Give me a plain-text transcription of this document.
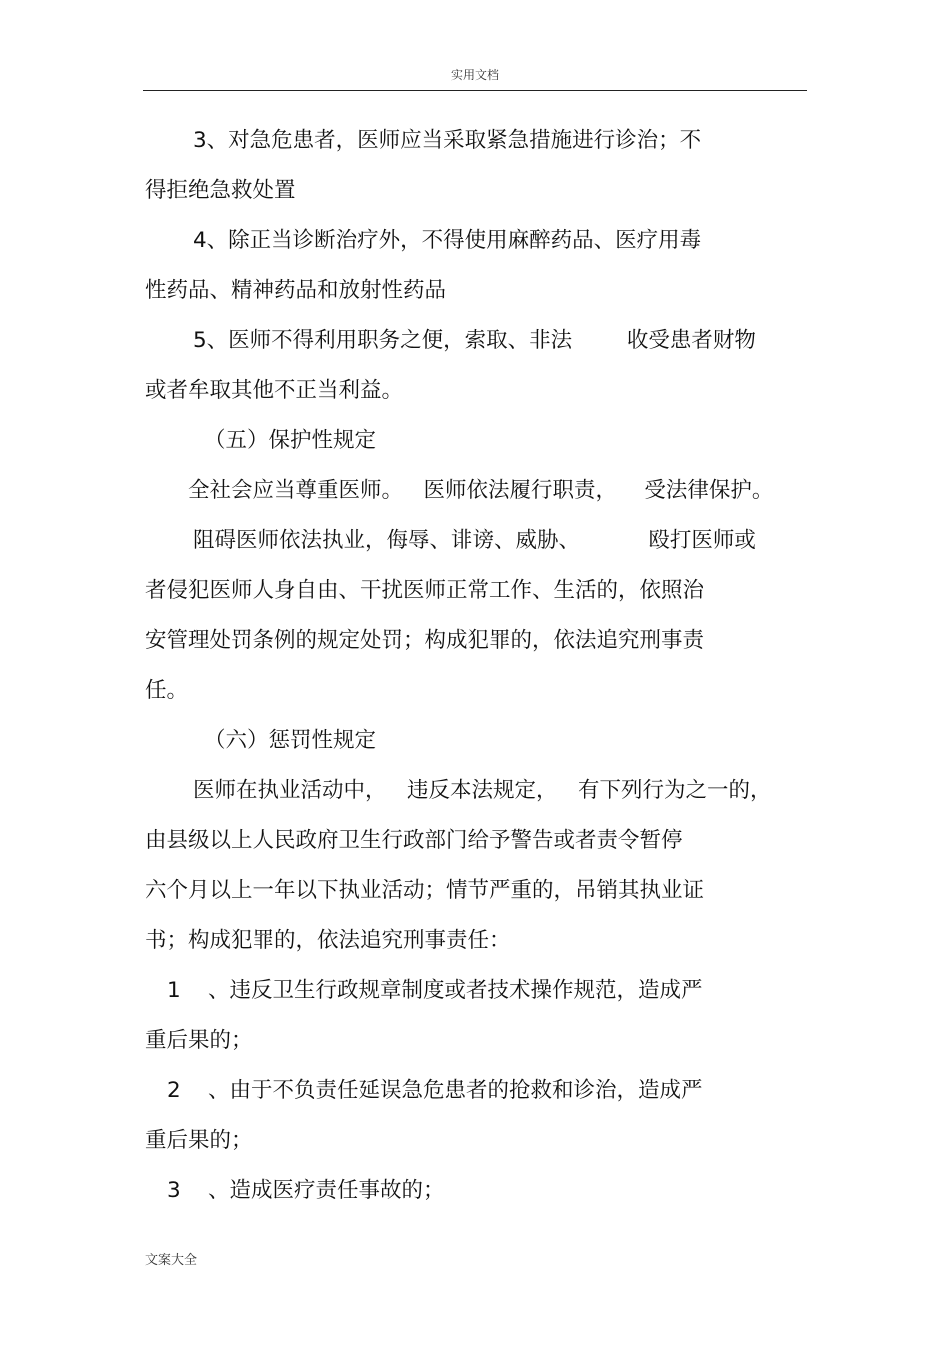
实用文档
3、对急危患者，医师应当采取紧急措施进行诊治；不
得拒绝急救处置
4、除正当诊断治疗外，不得使用麻醉药品、医疗用毒
性药品、精神药品和放射性药品
5、医师不得利用职务之便，索取、非法        收受患者财物
或者牟取其他不正当利益。
（五）保护性规定
全社会应当尊重医师。   医师依法履行职责，    受法律保护。
阻碍医师依法执业，侮辱、诽谤、威胁、          殴打医师或
者侵犯医师人身自由、干扰医师正常工作、生活的，依照治
安管理处罚条例的规定处罚；构成犯罪的，依法追究刑事责
任。
（六）惩罚性规定
医师在执业活动中，   违反本法规定，   有下列行为之一的，
由县级以上人民政府卫生行政部门给予警告或者责令暂停
六个月以上一年以下执业活动；情节严重的，吊销其执业证
书；构成犯罪的，依法追究刑事责任：
1    、违反卫生行政规章制度或者技术操作规范，造成严
重后果的；
2    、由于不负责任延误急危患者的抢救和诊治，造成严
重后果的；
3    、造成医疗责任事故的；
文案大全
